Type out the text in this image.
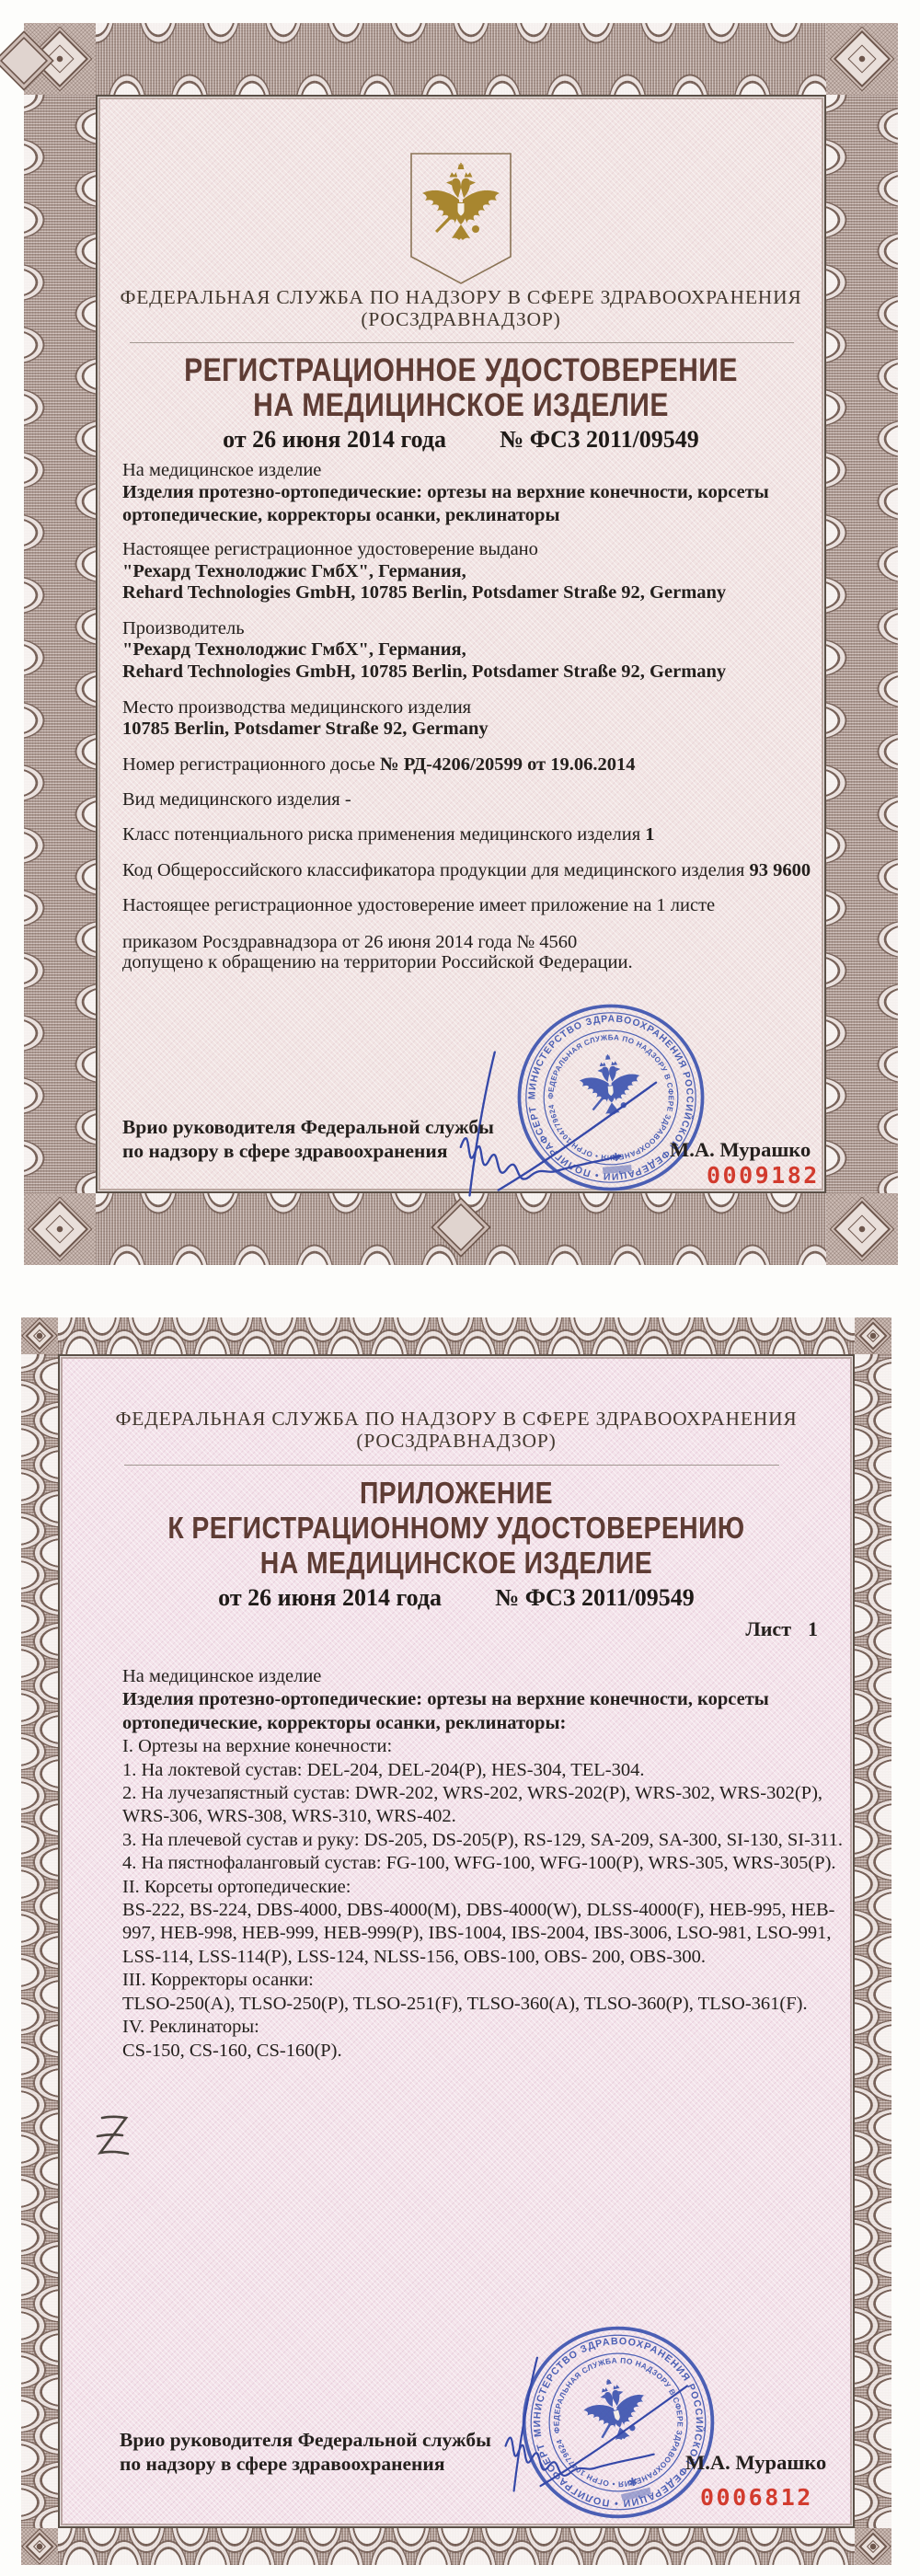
ФЕДЕРАЛЬНАЯ СЛУЖБА ПО НАДЗОРУ В СФЕРЕ ЗДРАВООХРАНЕНИЯ
(РОСЗДРАВНАДЗОР)
РЕГИСТРАЦИОННОЕ УДОСТОВЕРЕНИЕ
НА МЕДИЦИНСКОЕ ИЗДЕЛИЕ
от 26 июня 2014 года № ФСЗ 2011/09549
На медицинское изделие
Изделия протезно-ортопедические: ортезы на верхние конечности, корсеты ортопедические, корректоры осанки, реклинаторы
Настоящее регистрационное удостоверение выдано
"Рехард Технолоджис ГмбХ", Германия,
Rehard Technologies GmbH, 10785 Berlin, Potsdamer Straße 92, Germany
Производитель
"Рехард Технолоджис ГмбХ", Германия,
Rehard Technologies GmbH, 10785 Berlin, Potsdamer Straße 92, Germany
Место производства медицинского изделия
10785 Berlin, Potsdamer Straße 92, Germany
Номер регистрационного досье № РД-4206/20599 от 19.06.2014
Вид медицинского изделия -
Класс потенциального риска применения медицинского изделия 1
Код Общероссийского классификатора продукции для медицинского изделия 93 9600
Настоящее регистрационное удостоверение имеет приложение на 1 листе
приказом Росздравнадзора от 26 июня 2014 года № 4560
допущено к обращению на территории Российской Федерации.
Врио руководителя Федеральной службы
по надзору в сфере здравоохранения	М.А. Мурашко
0009182
ФЕДЕРАЛЬНАЯ СЛУЖБА ПО НАДЗОРУ В СФЕРЕ ЗДРАВООХРАНЕНИЯ
(РОСЗДРАВНАДЗОР)
ПРИЛОЖЕНИЕ
К РЕГИСТРАЦИОННОМУ УДОСТОВЕРЕНИЮ
НА МЕДИЦИНСКОЕ ИЗДЕЛИЕ
от 26 июня 2014 года № ФСЗ 2011/09549
Лист 1
На медицинское изделие
Изделия протезно-ортопедические: ортезы на верхние конечности, корсеты ортопедические, корректоры осанки, реклинаторы:
I. Ортезы на верхние конечности:
1. На локтевой сустав: DEL-204, DEL-204(P), HES-304, TEL-304.
2. На лучезапястный сустав: DWR-202, WRS-202, WRS-202(P), WRS-302, WRS-302(P), WRS-306, WRS-308, WRS-310, WRS-402.
3. На плечевой сустав и руку: DS-205, DS-205(P), RS-129, SA-209, SA-300, SI-130, SI-311.
4. На пястнофаланговый сустав: FG-100, WFG-100, WFG-100(P), WRS-305, WRS-305(P).
II. Корсеты ортопедические:
BS-222, BS-224, DBS-4000, DBS-4000(M), DBS-4000(W), DLSS-4000(F), HEB-995, HEB-997, HEB-998, HEB-999, HEB-999(P), IBS-1004, IBS-2004, IBS-3006, LSO-981, LSO-991, LSS-114, LSS-114(P), LSS-124, NLSS-156, OBS-100, OBS- 200, OBS-300.
III. Корректоры осанки:
TLSO-250(A), TLSO-250(P), TLSO-251(F), TLSO-360(A), TLSO-360(P), TLSO-361(F).
IV. Реклинаторы:
CS-150, CS-160, CS-160(P).
Врио руководителя Федеральной службы
по надзору в сфере здравоохранения	М.А. Мурашко
0006812
